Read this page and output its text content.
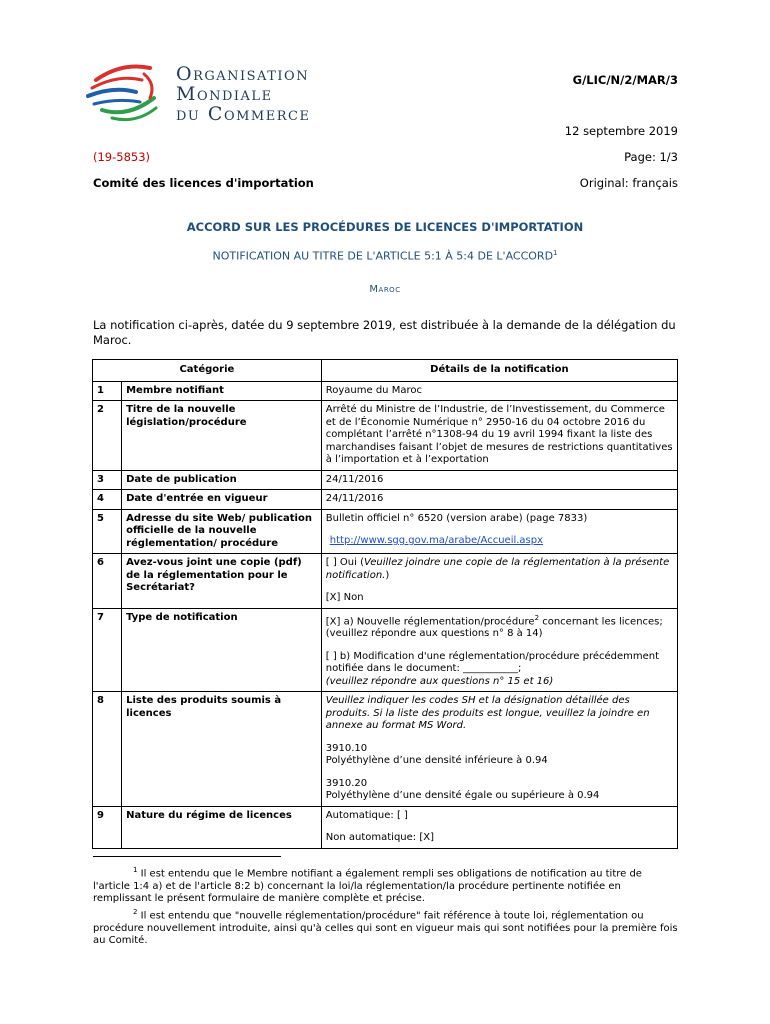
Organisation
Mondiale
du Commerce
G/LIC/N/2/MAR/3
12 septembre 2019
(19-5853)	Page: 1/3
Comité des licences d'importation	Original: français
ACCORD SUR LES PROCÉDURES DE LICENCES D'IMPORTATION
NOTIFICATION AU TITRE DE L'ARTICLE 5:1 À 5:4 DE L'ACCORD$^1$
Maroc
La notification ci-après, datée du 9 septembre 2019, est distribuée à la demande de la délégation du Maroc.
Catégorie		Détails de la notification
1	Membre notifiant	Royaume du Maroc
2	Titre de la nouvelle législation/procédure	Arrêté du Ministre de l’Industrie, de l’Investissement, du Commerce et de l’Économie Numérique n° 2950-16 du 04 octobre 2016 du complétant l’arrêté n°1308-94 du 19 avril 1994 fixant la liste des marchandises faisant l’objet de mesures de restrictions quantitatives à l’importation et à l’exportation
3	Date de publication	24/11/2016
4	Date d'entrée en vigueur	24/11/2016
5	Adresse du site Web/ publication officielle de la nouvelle réglementation/ procédure	Bulletin officiel n° 6520 (version arabe) (page 7833)

http://www.sgg.gov.ma/arabe/Accueil.aspx

6	Avez-vous joint une copie (pdf) de la réglementation pour le Secrétariat?	[ ] Oui (Veuillez joindre une copie de la réglementation à la présente notification.)

[X] Non

7	Type de notification	[X] a) Nouvelle réglementation/procédure$^2$ concernant les licences; (veuillez répondre aux questions n° 8 à 14)

[ ] b) Modification d'une réglementation/procédure précédemment notifiée dans le document: ___________;
(veuillez répondre aux questions n° 15 et 16)

8	Liste des produits soumis à licences	Veuillez indiquer les codes SH et la désignation détaillée des produits. Si la liste des produits est longue, veuillez la joindre en annexe au format MS Word.

3910.10
Polyéthylène d’une densité inférieure à 0.94

3910.20
Polyéthylène d’une densité égale ou supérieure à 0.94

9	Nature du régime de licences	Automatique: [ ]

Non automatique: [X]

$^1$ Il est entendu que le Membre notifiant a également rempli ses obligations de notification au titre de l'article 1:4 a) et de l'article 8:2 b) concernant la loi/la réglementation/la procédure pertinente notifiée en remplissant le présent formulaire de manière complète et précise.

$^2$ Il est entendu que "nouvelle réglementation/procédure" fait référence à toute loi, réglementation ou procédure nouvellement introduite, ainsi qu'à celles qui sont en vigueur mais qui sont notifiées pour la première fois au Comité.
